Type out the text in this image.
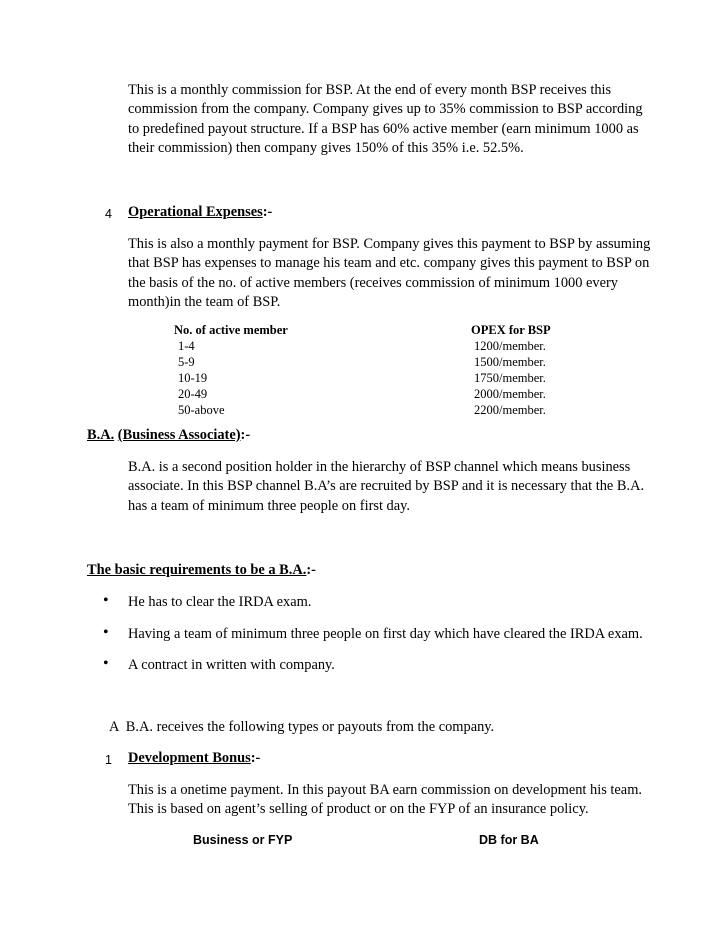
This is a monthly commission for BSP. At the end of every month BSP receives this commission from the company. Company gives up to 35% commission to BSP according to predefined payout structure. If a BSP has 60% active member (earn minimum 1000 as their commission) then company gives 150% of this 35% i.e. 52.5%.

4 Operational Expenses:-

This is also a monthly payment for BSP. Company gives this payment to BSP by assuming that BSP has expenses to manage his team and etc. company gives this payment to BSP on the basis of the no. of active members (receives commission of minimum 1000 every month)in the team of BSP.

No. of active member	OPEX for BSP
1-4
5-9
10-19
20-49
50-above
1200/member.
1500/member.
1750/member.
2000/member.
2200/member.
B.A. (Business Associate):-

B.A. is a second position holder in the hierarchy of BSP channel which means business associate. In this BSP channel B.A’s are recruited by BSP and it is necessary that the B.A. has a team of minimum three people on first day.

The basic requirements to be a B.A.:-
• He has to clear the IRDA exam.
• Having a team of minimum three people on first day which have cleared the IRDA exam.
• A contract in written with company.
A  B.A. receives the following types or payouts from the company.
1 Development Bonus:-

This is a onetime payment. In this payout BA earn commission on development his team. This is based on agent’s selling of product or on the FYP of an insurance policy.

Business or FYP	DB for BA
